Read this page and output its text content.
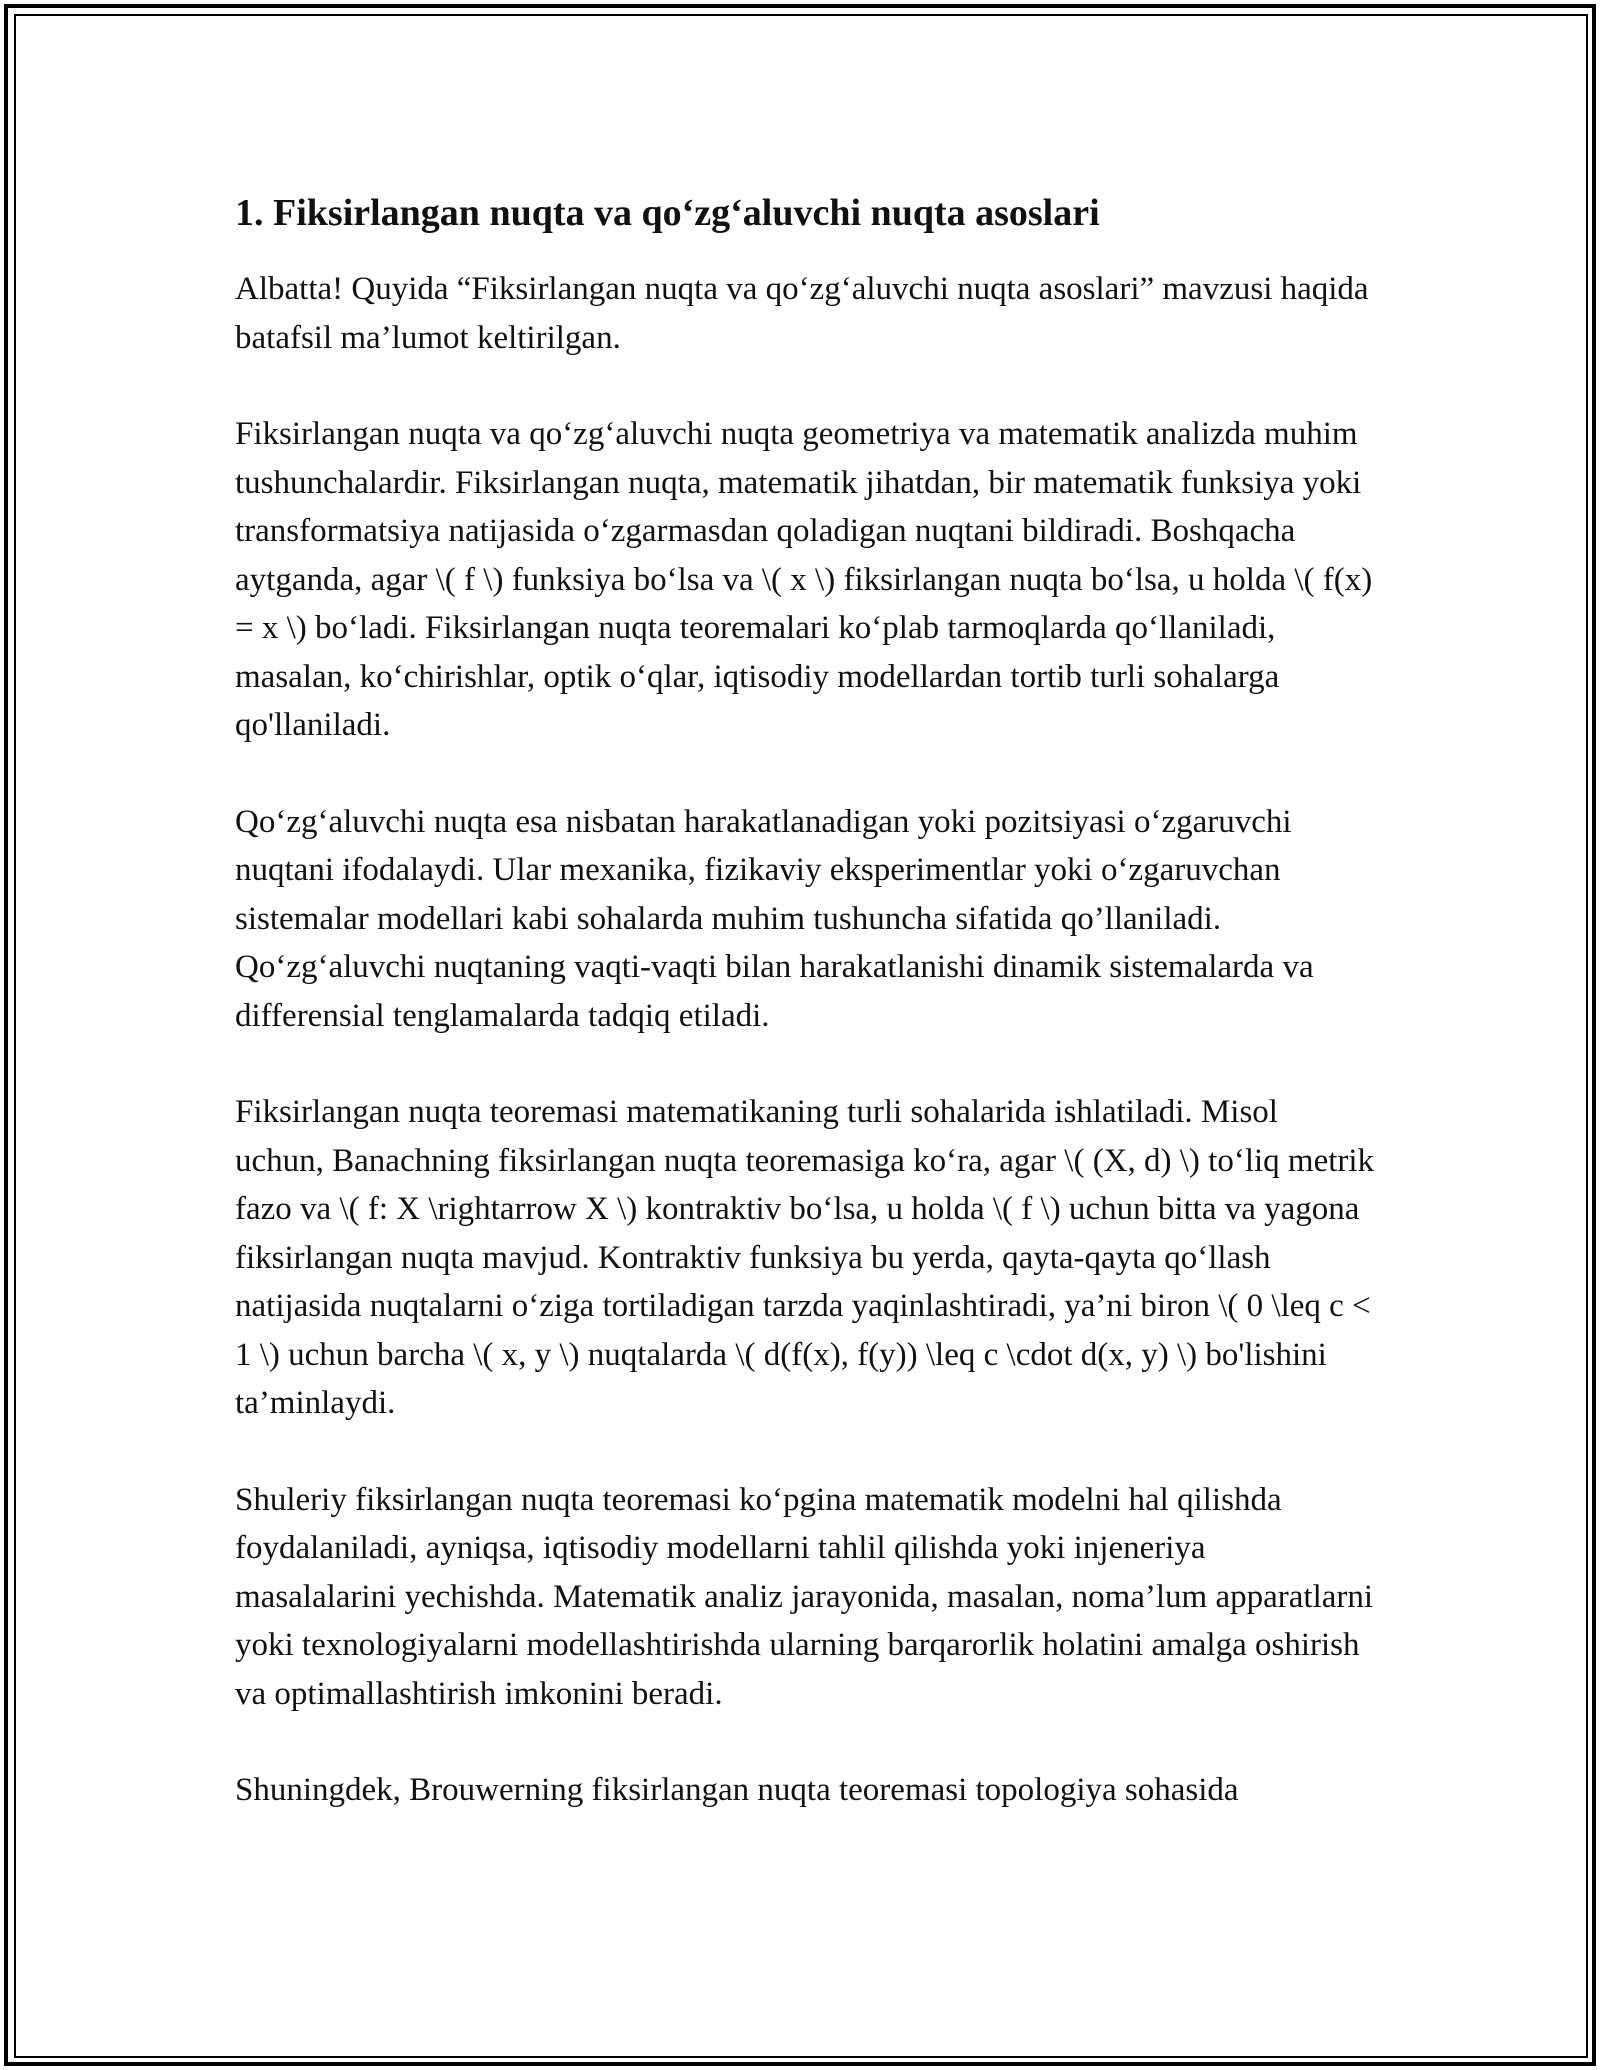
1. Fiksirlangan nuqta va qo‘zg‘aluvchi nuqta asoslari

Albatta! Quyida “Fiksirlangan nuqta va qo‘zg‘aluvchi nuqta asoslari” mavzusi haqida batafsil ma’lumot keltirilgan.

Fiksirlangan nuqta va qo‘zg‘aluvchi nuqta geometriya va matematik analizda muhim tushunchalardir. Fiksirlangan nuqta, matematik jihatdan, bir matematik funksiya yoki transformatsiya natijasida o‘zgarmasdan qoladigan nuqtani bildiradi. Boshqacha aytganda, agar \( f \) funksiya bo‘lsa va \( x \) fiksirlangan nuqta bo‘lsa, u holda \( f(x) = x \) bo‘ladi. Fiksirlangan nuqta teoremalari ko‘plab tarmoqlarda qo‘llaniladi, masalan, ko‘chirishlar, optik o‘qlar, iqtisodiy modellardan tortib turli sohalarga qo'llaniladi.

Qo‘zg‘aluvchi nuqta esa nisbatan harakatlanadigan yoki pozitsiyasi o‘zgaruvchi nuqtani ifodalaydi. Ular mexanika, fizikaviy eksperimentlar yoki o‘zgaruvchan sistemalar modellari kabi sohalarda muhim tushuncha sifatida qo’llaniladi. Qo‘zg‘aluvchi nuqtaning vaqti-vaqti bilan harakatlanishi dinamik sistemalarda va differensial tenglamalarda tadqiq etiladi.

Fiksirlangan nuqta teoremasi matematikaning turli sohalarida ishlatiladi. Misol uchun, Banachning fiksirlangan nuqta teoremasiga ko‘ra, agar \( (X, d) \) to‘liq metrik fazo va \( f: X \rightarrow X \) kontraktiv bo‘lsa, u holda \( f \) uchun bitta va yagona fiksirlangan nuqta mavjud. Kontraktiv funksiya bu yerda, qayta-qayta qo‘llash natijasida nuqtalarni o‘ziga tortiladigan tarzda yaqinlashtiradi, ya’ni biron \( 0 \leq c < 1 \) uchun barcha \( x, y \) nuqtalarda \( d(f(x), f(y)) \leq c \cdot d(x, y) \) bo'lishini ta’minlaydi.

Shuleriy fiksirlangan nuqta teoremasi ko‘pgina matematik modelni hal qilishda foydalaniladi, ayniqsa, iqtisodiy modellarni tahlil qilishda yoki injeneriya masalalarini yechishda. Matematik analiz jarayonida, masalan, noma’lum apparatlarni yoki texnologiyalarni modellashtirishda ularning barqarorlik holatini amalga oshirish va optimallashtirish imkonini beradi.

Shuningdek, Brouwerning fiksirlangan nuqta teoremasi topologiya sohasida
